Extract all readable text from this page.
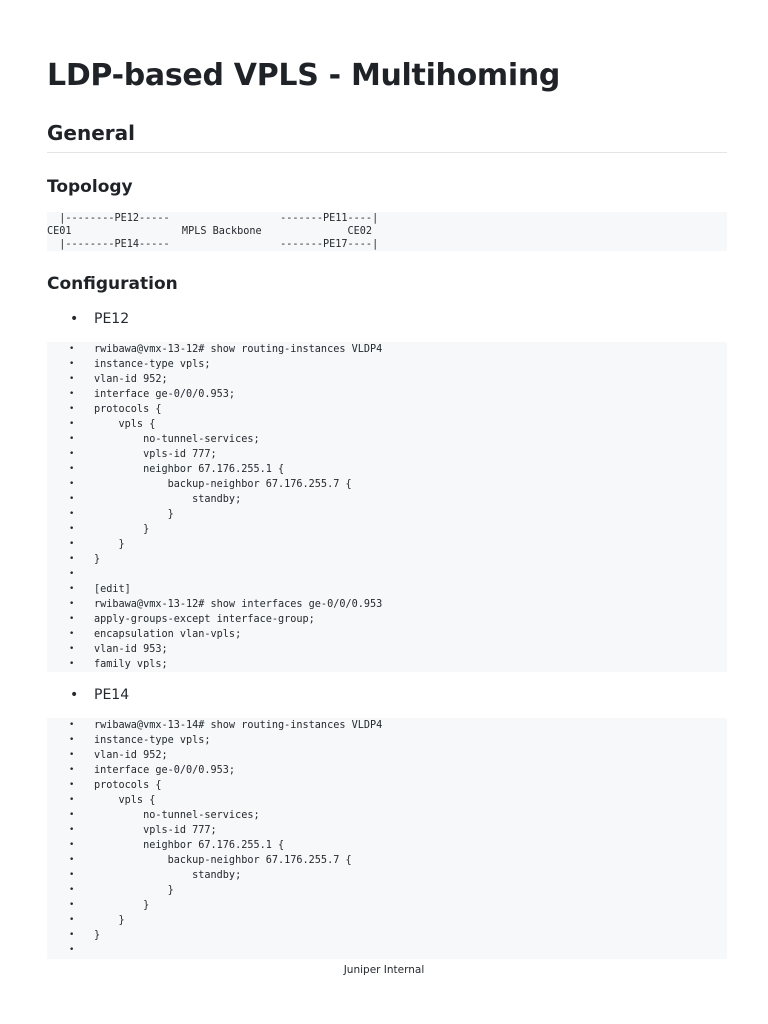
LDP-based VPLS - Multihoming
General
Topology
|--------PE12-----                  -------PE11----|
CE01                  MPLS Backbone              CE02
|--------PE14-----                  -------PE17----|
Configuration
• PE12
• rwibawa@vmx-13-12# show routing-instances VLDP4
• instance-type vpls;
• vlan-id 952;
• interface ge-0/0/0.953;
• protocols {
• vpls {
• no-tunnel-services;
• vpls-id 777;
• neighbor 67.176.255.1 {
• backup-neighbor 67.176.255.7 {
• standby;
• }
• }
• }
• }
•
• [edit]
• rwibawa@vmx-13-12# show interfaces ge-0/0/0.953
• apply-groups-except interface-group;
• encapsulation vlan-vpls;
• vlan-id 953;
• family vpls;
• PE14
• rwibawa@vmx-13-14# show routing-instances VLDP4
• instance-type vpls;
• vlan-id 952;
• interface ge-0/0/0.953;
• protocols {
• vpls {
• no-tunnel-services;
• vpls-id 777;
• neighbor 67.176.255.1 {
• backup-neighbor 67.176.255.7 {
• standby;
• }
• }
• }
• }
•
Juniper Internal
